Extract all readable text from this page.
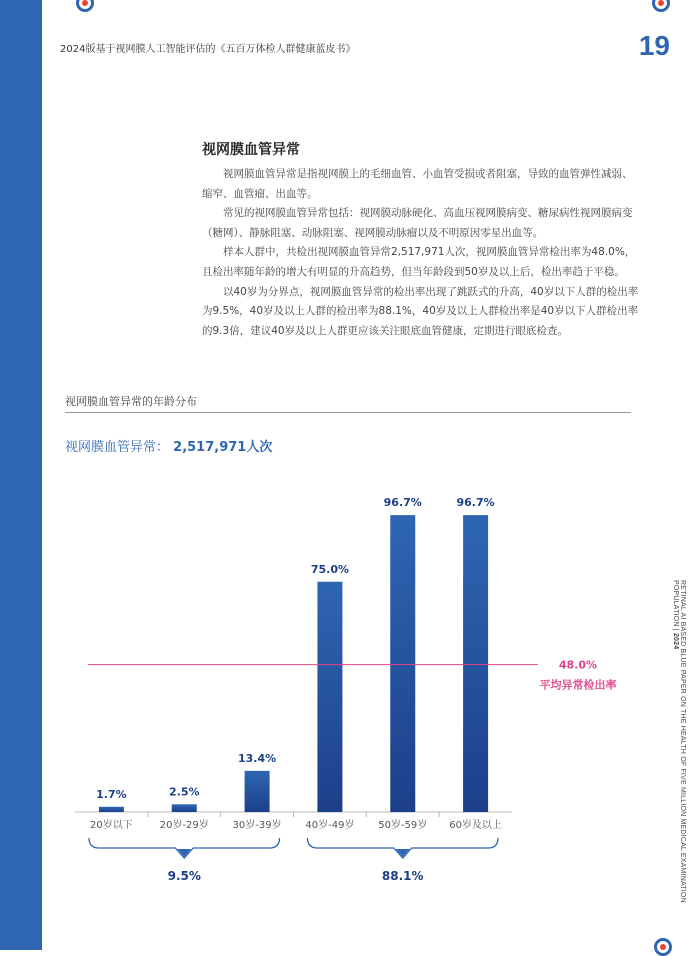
2024版基于视网膜人工智能评估的《五百万体检人群健康蓝皮书》	19
视网膜血管异常

视网膜血管异常是指视网膜上的毛细血管、小血管受损或者阻塞，导致的血管弹性减弱、缩窄、血管瘤、出血等。

常见的视网膜血管异常包括：视网膜动脉硬化、高血压视网膜病变、糖尿病性视网膜病变（糖网）、静脉阻塞、动脉阻塞、视网膜动脉瘤以及不明原因零星出血等。

样本人群中，共检出视网膜血管异常2,517,971人次，视网膜血管异常检出率为48.0%，且检出率随年龄的增大有明显的升高趋势，但当年龄段到50岁及以上后，检出率趋于平稳。

以40岁为分界点，视网膜血管异常的检出率出现了跳跃式的升高，40岁以下人群的检出率为9.5%，40岁及以上人群的检出率为88.1%，40岁及以上人群检出率是40岁以下人群检出率的9.3倍，建议40岁及以上人群更应该关注眼底血管健康，定期进行眼底检查。

视网膜血管异常的年龄分布
视网膜血管异常： 2,517,971人次
RETINAL AI BASED BLUE PAPER ON THE HEALTH OF FIVE MILLION MEDICAL EXAMINATION POPULATION | 2024
1.7%
20岁以下
2.5%
20岁-29岁
13.4%
30岁-39岁
75.0%
40岁-49岁
96.7%
50岁-59岁
96.7%
60岁及以上
48.0%
平均异常检出率
9.5%	88.1%
